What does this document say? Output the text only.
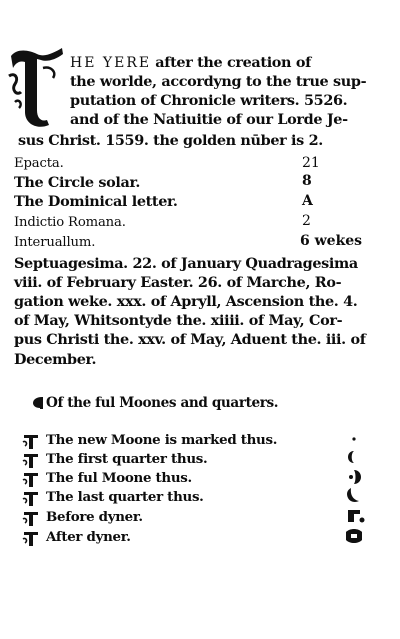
HE YERE after the creation of
the worlde, accordyng to the true sup-
putation of Chronicle writers. 5526.
and of the Natiuitie of our Lorde Je-
sus Christ. 1559. the golden nūber is 2.
Epacta.	21
The Circle solar.	8
The Dominical letter.	A
Indictio Romana.	2
Interuallum.	6 wekes
Septuagesima. 22. of January Quadragesima
viii. of February Easter. 26. of Marche, Ro-
gation weke. xxx. of Apryll, Ascension the. 4.
of May, Whitsontyde the. xiiii. of May, Cor-
pus Christi the. xxv. of May, Aduent the. iii. of
December.
Of the ful Moones and quarters.
The new Moone is marked thus.
The first quarter thus.
The ful Moone thus.
The last quarter thus.
Before dyner.
After dyner.
